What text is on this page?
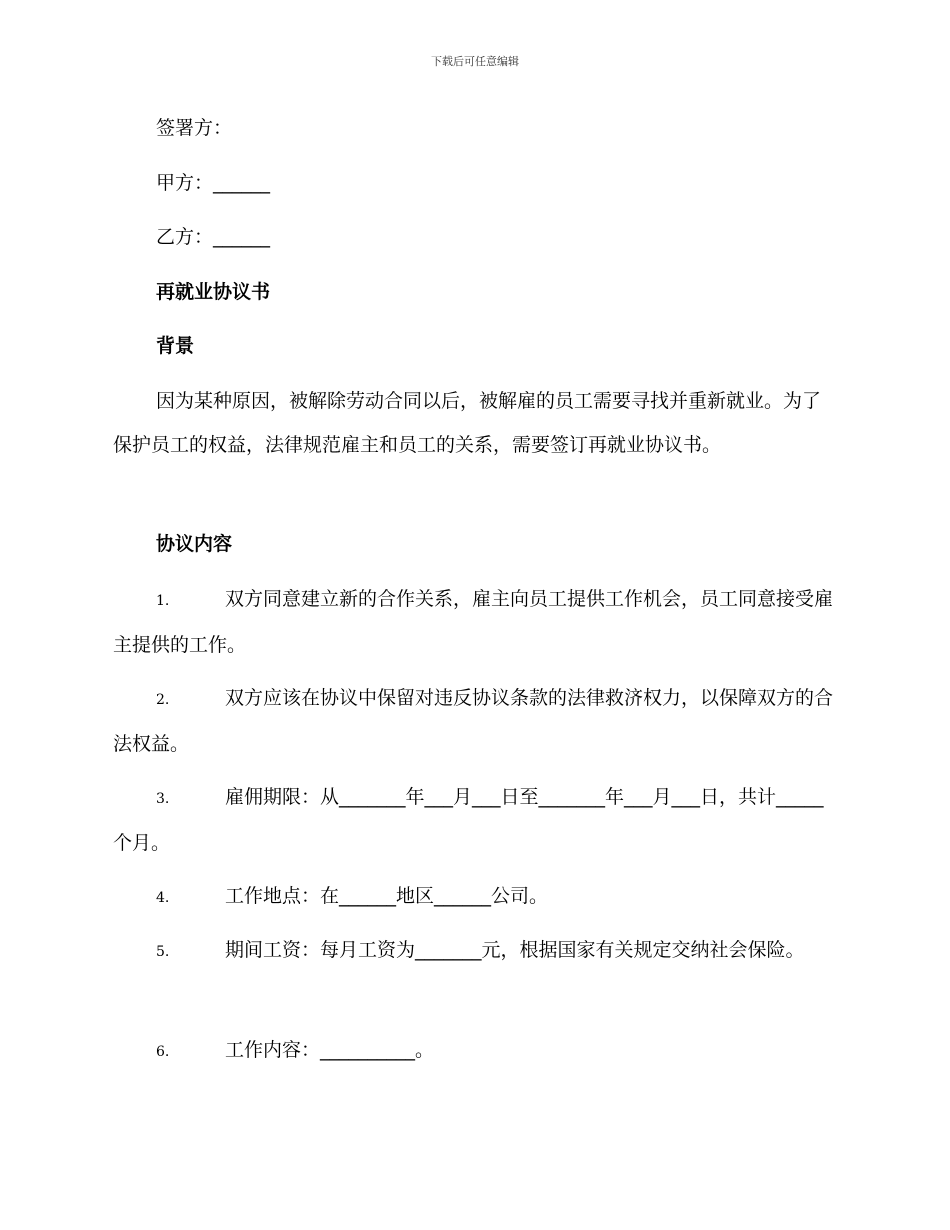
下载后可任意编辑

签署方：

甲方：______

乙方：______

再就业协议书

背景

因为某种原因，被解除劳动合同以后，被解雇的员工需要寻找并重新就业。为了保护员工的权益，法律规范雇主和员工的关系，需要签订再就业协议书。

协议内容

1.	双方同意建立新的合作关系，雇主向员工提供工作机会，员工同意接受雇主提供的工作。

2.	双方应该在协议中保留对违反协议条款的法律救济权力，以保障双方的合法权益。

3.	雇佣期限：从_______年___月___日至_______年___月___日，共计_____个月。

4.	工作地点：在______地区______公司。

5.	期间工资：每月工资为_______元，根据国家有关规定交纳社会保险。

6.	工作内容：__________。
